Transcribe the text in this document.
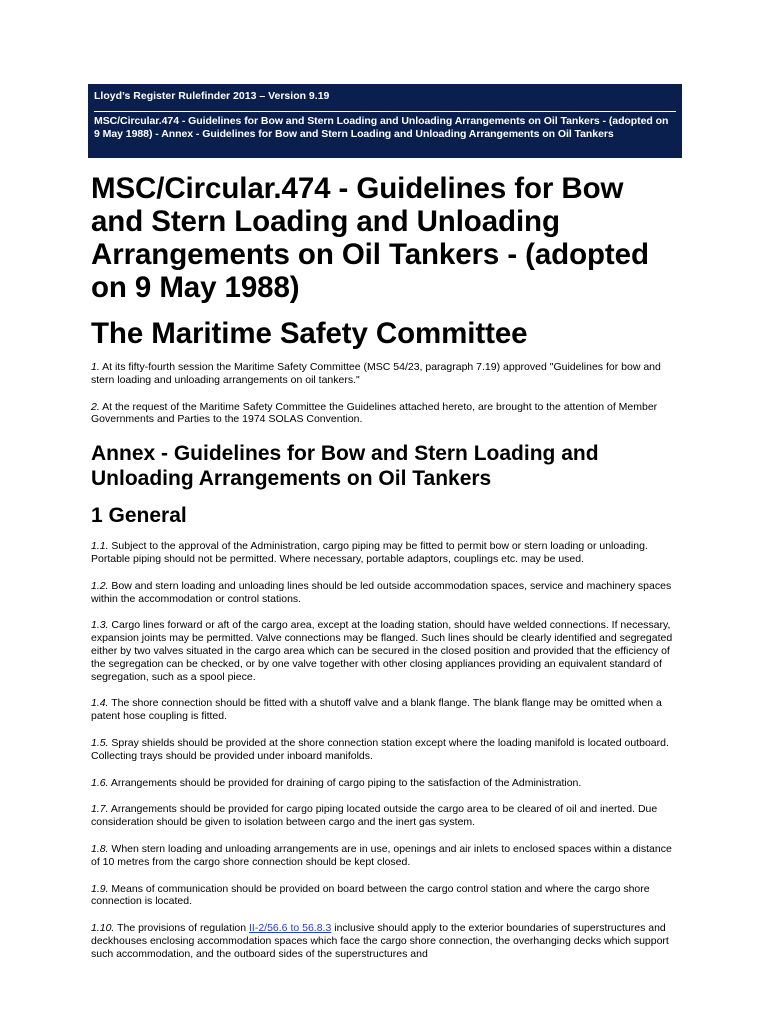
Lloyd’s Register Rulefinder 2013 – Version 9.19
MSC/Circular.474 - Guidelines for Bow and Stern Loading and Unloading Arrangements on Oil Tankers - (adopted on 9 May 1988) - Annex - Guidelines for Bow and Stern Loading and Unloading Arrangements on Oil Tankers
MSC/Circular.474 - Guidelines for Bow and Stern Loading and Unloading Arrangements on Oil Tankers - (adopted on 9 May 1988)
The Maritime Safety Committee

1. At its fifty-fourth session the Maritime Safety Committee (MSC 54/23, paragraph 7.19) approved "Guidelines for bow and stern loading and unloading arrangements on oil tankers."

2. At the request of the Maritime Safety Committee the Guidelines attached hereto, are brought to the attention of Member Governments and Parties to the 1974 SOLAS Convention.

Annex - Guidelines for Bow and Stern Loading and Unloading Arrangements on Oil Tankers
1 General

1.1. Subject to the approval of the Administration, cargo piping may be fitted to permit bow or stern loading or unloading. Portable piping should not be permitted. Where necessary, portable adaptors, couplings etc. may be used.

1.2. Bow and stern loading and unloading lines should be led outside accommodation spaces, service and machinery spaces within the accommodation or control stations.

1.3. Cargo lines forward or aft of the cargo area, except at the loading station, should have welded connections. If necessary, expansion joints may be permitted. Valve connections may be flanged. Such lines should be clearly identified and segregated either by two valves situated in the cargo area which can be secured in the closed position and provided that the efficiency of the segregation can be checked, or by one valve together with other closing appliances providing an equivalent standard of segregation, such as a spool piece.

1.4. The shore connection should be fitted with a shutoff valve and a blank flange. The blank flange may be omitted when a patent hose coupling is fitted.

1.5. Spray shields should be provided at the shore connection station except where the loading manifold is located outboard. Collecting trays should be provided under inboard manifolds.

1.6. Arrangements should be provided for draining of cargo piping to the satisfaction of the Administration.

1.7. Arrangements should be provided for cargo piping located outside the cargo area to be cleared of oil and inerted. Due consideration should be given to isolation between cargo and the inert gas system.

1.8. When stern loading and unloading arrangements are in use, openings and air inlets to enclosed spaces within a distance of 10 metres from the cargo shore connection should be kept closed.

1.9. Means of communication should be provided on board between the cargo control station and where the cargo shore connection is located.

1.10. The provisions of regulation II-2/56.6 to 56.8.3 inclusive should apply to the exterior boundaries of superstructures and deckhouses enclosing accommodation spaces which face the cargo shore connection, the overhanging decks which support such accommodation, and the outboard sides of the superstructures and
